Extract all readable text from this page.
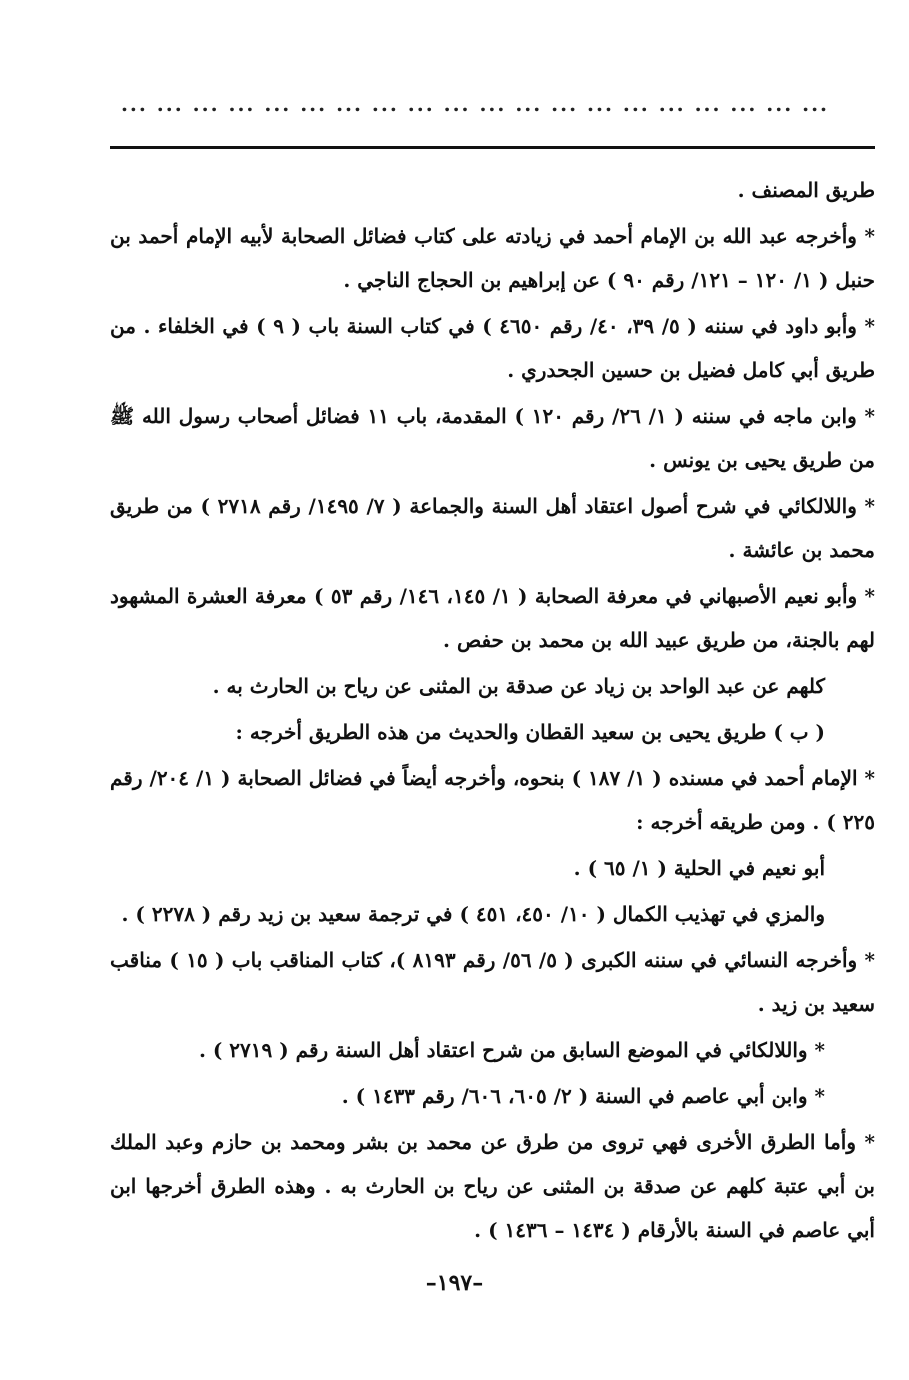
... ... ... ... ... ... ... ... ... ... ... ... ... ... ... ... ... ... ... ...

طريق المصنف .

* وأخرجه عبد الله بن الإمام أحمد في زيادته على كتاب فضائل الصحابة لأبيه الإمام أحمد بن حنبل ( ١/ ١٢٠ – ١٢١/ رقم ٩٠ ) عن إبراهيم بن الحجاج الناجي .

* وأبو داود في سننه ( ٥/ ٣٩، ٤٠/ رقم ٤٦٥٠ ) في كتاب السنة باب ( ٩ ) في الخلفاء . من طريق أبي كامل فضيل بن حسين الجحدري .

* وابن ماجه في سننه ( ١/ ٢٦/ رقم ١٢٠ ) المقدمة، باب ١١ فضائل أصحاب رسول الله ﷺ من طريق يحيى بن يونس .

* واللالكائي في شرح أصول اعتقاد أهل السنة والجماعة ( ٧/ ١٤٩٥/ رقم ٢٧١٨ ) من طريق محمد بن عائشة .

* وأبو نعيم الأصبهاني في معرفة الصحابة ( ١/ ١٤٥، ١٤٦/ رقم ٥٣ ) معرفة العشرة المشهود لهم بالجنة، من طريق عبيد الله بن محمد بن حفص .

كلهم عن عبد الواحد بن زياد عن صدقة بن المثنى عن رياح بن الحارث به .

( ب ) طريق يحيى بن سعيد القطان والحديث من هذه الطريق أخرجه :

* الإمام أحمد في مسنده ( ١/ ١٨٧ ) بنحوه، وأخرجه أيضاً في فضائل الصحابة ( ١/ ٢٠٤/ رقم ٢٢٥ ) . ومن طريقه أخرجه :

أبو نعيم في الحلية ( ١/ ٦٥ ) .

والمزي في تهذيب الكمال ( ١٠/ ٤٥٠، ٤٥١ ) في ترجمة سعيد بن زيد رقم ( ٢٢٧٨ ) .

* وأخرجه النسائي في سننه الكبرى ( ٥/ ٥٦/ رقم ٨١٩٣ )، كتاب المناقب باب ( ١٥ ) مناقب سعيد بن زيد .

* واللالكائي في الموضع السابق من شرح اعتقاد أهل السنة رقم ( ٢٧١٩ ) .

* وابن أبي عاصم في السنة ( ٢/ ٦٠٥، ٦٠٦/ رقم ١٤٣٣ ) .

* وأما الطرق الأخرى فهي تروى من طرق عن محمد بن بشر ومحمد بن حازم وعبد الملك بن أبي عتبة كلهم عن صدقة بن المثنى عن رياح بن الحارث به . وهذه الطرق أخرجها ابن أبي عاصم في السنة بالأرقام ( ١٤٣٤ – ١٤٣٦ ) .

–١٩٧–
